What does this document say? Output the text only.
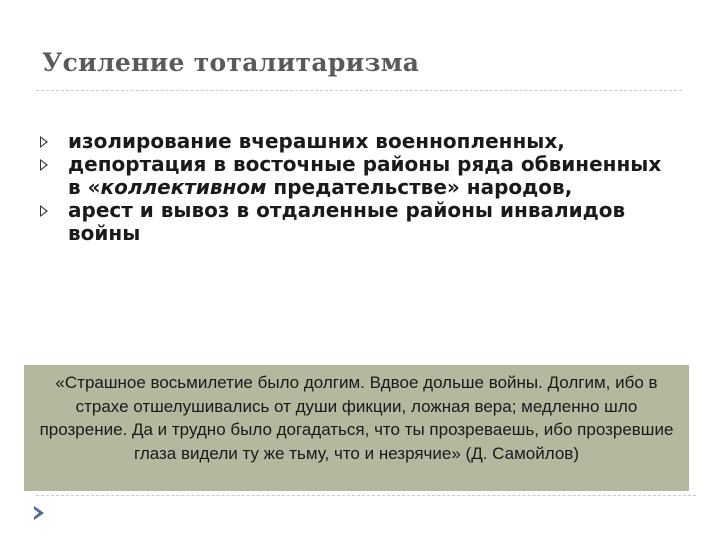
Усиление тоталитаризма
изолирование вчерашних военнопленных,
депортация в восточные районы ряда обвиненных в «коллективном предательстве» народов,
арест и вывоз в отдаленные районы инвалидов войны
«Страшное восьмилетие было долгим. Вдвое дольше войны. Долгим, ибо в страхе отшелушивались от души фикции, ложная вера; медленно шло прозрение. Да и трудно было догадаться, что ты прозреваешь, ибо прозревшие глаза видели ту же тьму, что и незрячие» (Д. Самойлов)
